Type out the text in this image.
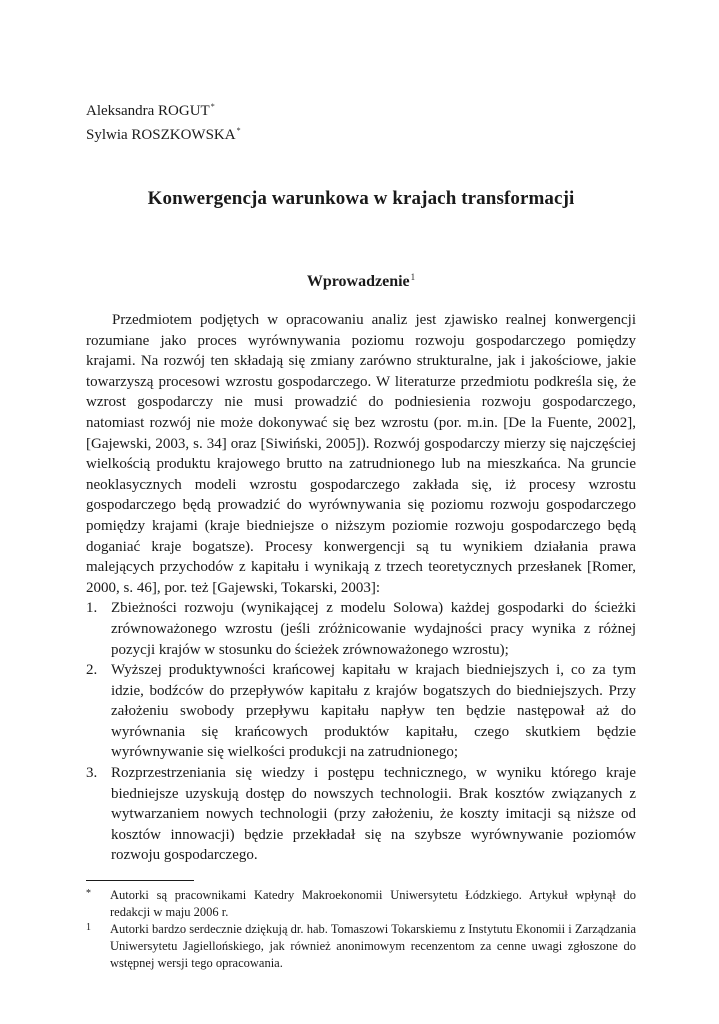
Aleksandra ROGUT*
Sylwia ROSZKOWSKA*
Konwergencja warunkowa w krajach transformacji
Wprowadzenie$^1$
Przedmiotem podjętych w opracowaniu analiz jest zjawisko realnej konwergencji rozumiane jako proces wyrównywania poziomu rozwoju gospodarczego pomiędzy krajami. Na rozwój ten składają się zmiany zarówno strukturalne, jak i jakościowe, jakie towarzyszą procesowi wzrostu gospodarczego. W literaturze przedmiotu podkreśla się, że wzrost gospodarczy nie musi prowadzić do podniesienia rozwoju gospodarczego, natomiast rozwój nie może dokonywać się bez wzrostu (por. m.in. [De la Fuente, 2002], [Gajewski, 2003, s. 34] oraz [Siwiński, 2005]). Rozwój gospodarczy mierzy się najczęściej wielkością produktu krajowego brutto na zatrudnionego lub na mieszkańca. Na gruncie neoklasycznych modeli wzrostu gospodarczego zakłada się, iż procesy wzrostu gospodarczego będą prowadzić do wyrównywania się poziomu rozwoju gospodarczego pomiędzy krajami (kraje biedniejsze o niższym poziomie rozwoju gospodarczego będą doganiać kraje bogatsze). Procesy konwergencji są tu wynikiem działania prawa malejących przychodów z kapitału i wynikają z trzech teoretycznych przesłanek [Romer, 2000, s. 46], por. też [Gajewski, Tokarski, 2003]:
1. Zbieżności rozwoju (wynikającej z modelu Solowa) każdej gospodarki do ścieżki zrównoważonego wzrostu (jeśli zróżnicowanie wydajności pracy wynika z różnej pozycji krajów w stosunku do ścieżek zrównoważonego wzrostu);
2. Wyższej produktywności krańcowej kapitału w krajach biedniejszych i, co za tym idzie, bodźców do przepływów kapitału z krajów bogatszych do biedniejszych. Przy założeniu swobody przepływu kapitału napływ ten będzie następował aż do wyrównania się krańcowych produktów kapitału, czego skutkiem będzie wyrównywanie się wielkości produkcji na zatrudnionego;
3. Rozprzestrzeniania się wiedzy i postępu technicznego, w wyniku którego kraje biedniejsze uzyskują dostęp do nowszych technologii. Brak kosztów związanych z wytwarzaniem nowych technologii (przy założeniu, że koszty imitacji są niższe od kosztów innowacji) będzie przekładał się na szybsze wyrównywanie poziomów rozwoju gospodarczego.
* Autorki są pracownikami Katedry Makroekonomii Uniwersytetu Łódzkiego. Artykuł wpłynął do redakcji w maju 2006 r.
1 Autorki bardzo serdecznie dziękują dr. hab. Tomaszowi Tokarskiemu z Instytutu Ekonomii i Zarządzania Uniwersytetu Jagiellońskiego, jak również anonimowym recenzentom za cenne uwagi zgłoszone do wstępnej wersji tego opracowania.
